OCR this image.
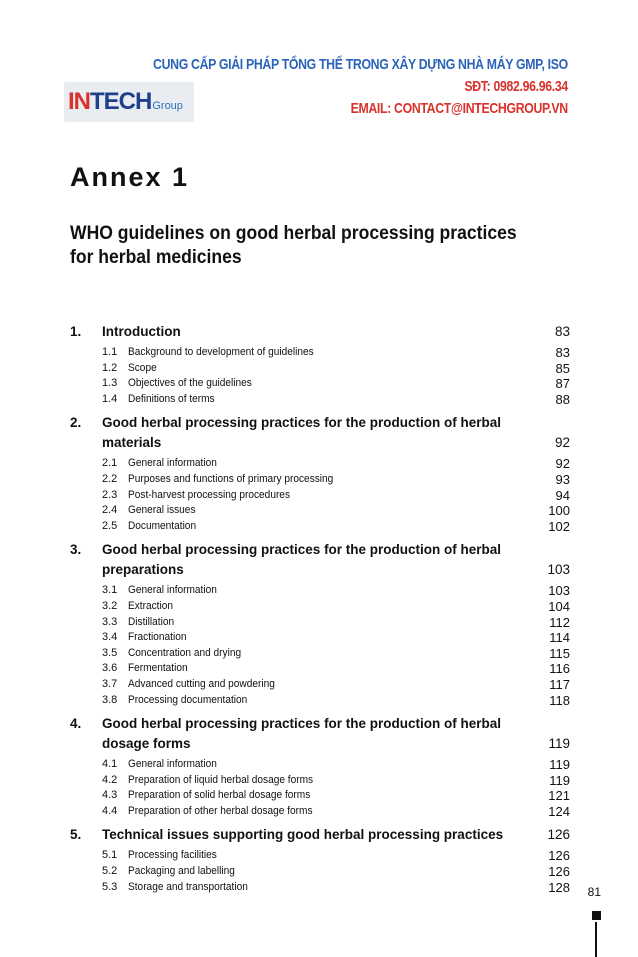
INTECH Group
CUNG CẤP GIẢI PHÁP TỔNG THỂ TRONG XÂY DỰNG NHÀ MÁY GMP, ISO
SĐT: 0982.96.96.34
EMAIL: CONTACT@INTECHGROUP.VN
Annex 1
WHO guidelines on good herbal processing practices for herbal medicines
1.	Introduction	83
1.1 Background to development of guidelines	83
1.2 Scope	85
1.3 Objectives of the guidelines	87
1.4 Definitions of terms	88
2.	Good herbal processing practices for the production of herbal
materials	92
2.1 General information	92
2.2 Purposes and functions of primary processing	93
2.3 Post-harvest processing procedures	94
2.4 General issues	100
2.5 Documentation	102
3.	Good herbal processing practices for the production of herbal
preparations	103
3.1 General information	103
3.2 Extraction	104
3.3 Distillation	112
3.4 Fractionation	114
3.5 Concentration and drying	115
3.6 Fermentation	116
3.7 Advanced cutting and powdering	117
3.8 Processing documentation	118
4.	Good herbal processing practices for the production of herbal
dosage forms	119
4.1 General information	119
4.2 Preparation of liquid herbal dosage forms	119
4.3 Preparation of solid herbal dosage forms	121
4.4 Preparation of other herbal dosage forms	124
5.	Technical issues supporting good herbal processing practices	126
5.1 Processing facilities	126
5.2 Packaging and labelling	126
5.3 Storage and transportation	128 81
